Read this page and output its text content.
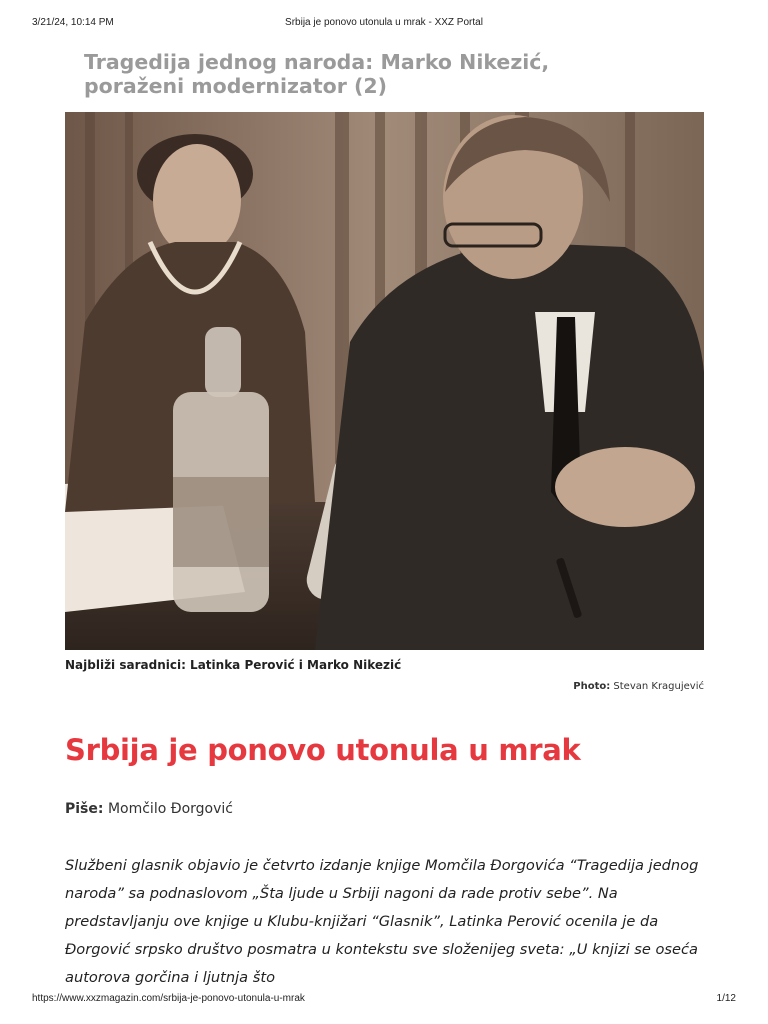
3/21/24, 10:14 PM	Srbija je ponovo utonula u mrak - XXZ Portal
Tragedija jednog naroda: Marko Nikezić, poraženi modernizator (2)
Najbliži saradnici: Latinka Perović i Marko Nikezić
Photo: Stevan Kragujević
Srbija je ponovo utonula u mrak
Piše: Momčilo Đorgović

Službeni glasnik objavio je četvrto izdanje knjige Momčila Đorgovića “Tragedija jednog naroda” sa podnaslovom „Šta ljude u Srbiji nagoni da rade protiv sebe”. Na predstavljanju ove knjige u Klubu-knjižari “Glasnik”, Latinka Perović ocenila je da Đorgović srpsko društvo posmatra u kontekstu sve složenijeg sveta: „U knjizi se oseća autorova gorčina i ljutnja što

https://www.xxzmagazin.com/srbija-je-ponovo-utonula-u-mrak	1/12
